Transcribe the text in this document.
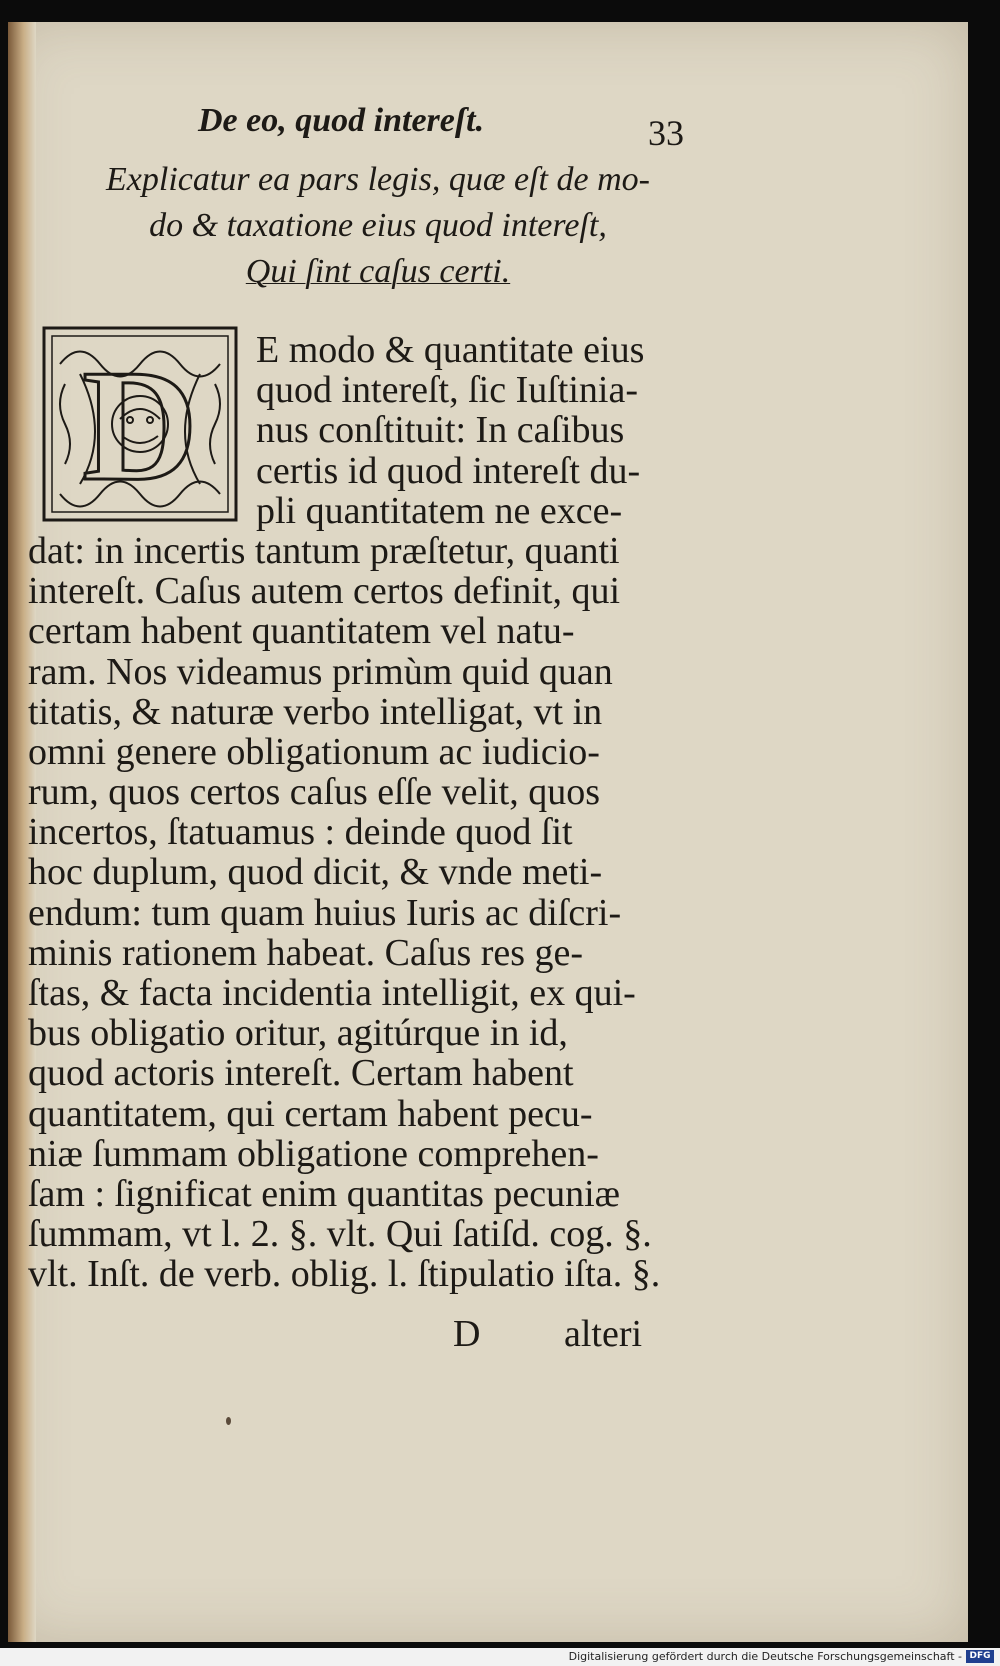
De eo, quod intereſt.	33
Explicatur ea pars legis, quæ eſt de mo-
do & taxatione eius quod intereſt,
Qui ſint caſus certi.
D	E modo & quantitate eius
quod intereſt, ſic Iuſtinia-
nus conſtituit: In caſibus
certis id quod intereſt du-
pli quantitatem ne exce-
dat: in incertis tantum præſtetur, quanti
intereſt. Caſus autem certos definit, qui
certam habent quantitatem vel natu-
ram. Nos videamus primùm quid quan
titatis, & naturæ verbo intelligat, vt in
omni genere obligationum ac iudicio-
rum, quos certos caſus eſſe velit, quos
incertos, ſtatuamus : deinde quod ſit
hoc duplum, quod dicit, & vnde meti-
endum: tum quam huius Iuris ac diſcri-
minis rationem habeat. Caſus res ge-
ſtas, & facta incidentia intelligit, ex qui-
bus obligatio oritur, agitúrque in id,
quod actoris intereſt. Certam habent
quantitatem, qui certam habent pecu-
niæ ſummam obligatione comprehen-
ſam : ſignificat enim quantitas pecuniæ
ſummam, vt l. 2. §. vlt. Qui ſatiſd. cog. §.
vlt. Inſt. de verb. oblig. l. ſtipulatio iſta. §.
D alteri
Digitalisierung gefördert durch die Deutsche Forschungsgemeinschaft - DFG
